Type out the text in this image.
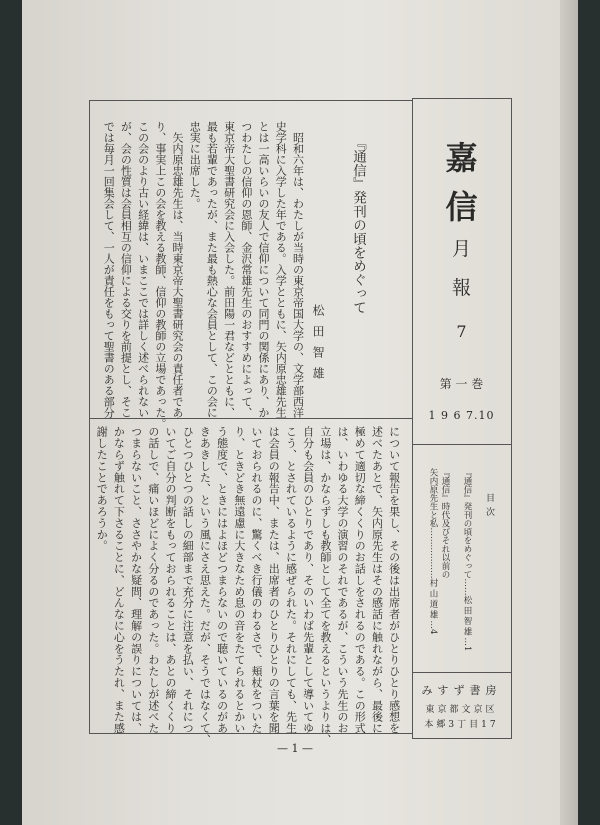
『通信』発刊の頃をめぐって
松田智雄
　昭和六年は、わたしが当時の東京帝国大学の、文学部西洋
史学科に入学した年である。入学とともに、矢内原忠雄先生
とは一高いらいの友人で信仰について同門の関係にあり、か
つわたしの信仰の恩師、金沢常雄先生のおすすめによって、
東京帝大聖書研究会に入会した。前田陽一君などとともに、
最も若輩であったが、また最も熱心な会員として、この会に
忠実に出席した。
　矢内原忠雄先生は、当時東京帝大聖書研究会の責任者であ
り、事実上この会を教える教師、信仰の教師の立場であった。
この会のより古い経緯は、いまここでは詳しく述べられない
が、会の性質は会員相互の信仰による交りを前提とし、そこ
では毎月一回集会して、一人が責任をもって聖書のある部分
について報告を果し、その後は出席者がひとりひとり感想を
述べたあとで、矢内原先生はその感話に触れながら、最後に
極めて適切な締くくりのお話しをされるのである。この形式
は、いわゆる大学の演習のそれであるが、こういう先生のお
立場は、かならずしも教師として全てを教えるというよりは、
自分も会員のひとりであり、そのいわば先輩として導いてゆ
こう、とされているように感ぜられた。それにしても、先生
は会員の報告中、または、出席者のひとりひとりの言葉を聞
いておられるのに、驚くべき行儀のわるさで、頬杖をついた
り、ときどき無遠慮に大きなため息の音をたてられるとかい
う態度で、ときにはよほどつまらないので聴いているのがあ
きあきした、という風にさえ思えた。だが、そうではなくて、
ひとつひとつの話しの細部まで充分に注意を払い、それにつ
いてご自分の判断をもっておられることは、あとの締くくり
の話しで、痛いほどによく分るのであった。わたしが述べた
つまらないこと、ささやかな疑問、理解の誤りについては、
かならず触れて下さることに、どんなに心をうたれ、また感
謝したことであろうか。
嘉
信
月
報
7
第 一 巻
1 9 6 7.10
目次
『通信』発刊の頃をめぐって……松田智雄…1
『通信』時代及びそれ以前の
矢内原先生と私………………村山道雄…4
みすず書房
東京都文京区
本郷3丁目17
— 1 —
